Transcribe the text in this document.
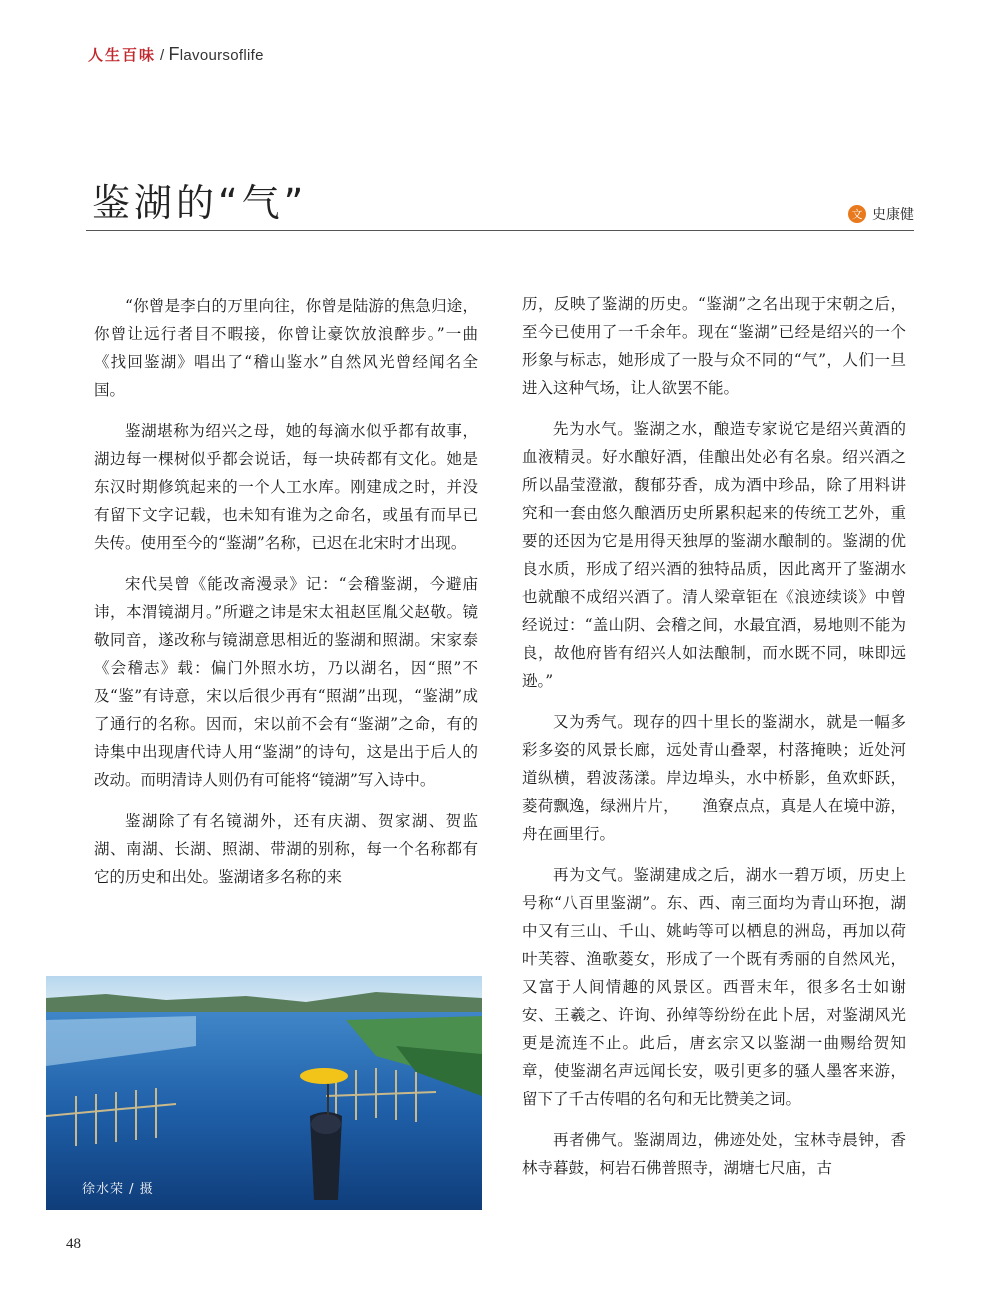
人生百味 / Flavoursoflife
鉴湖的“气”	文 史康健

“你曾是李白的万里向往，你曾是陆游的焦急归途，你曾让远行者目不暇接，你曾让豪饮放浪醉步。”一曲《找回鉴湖》唱出了“稽山鉴水”自然风光曾经闻名全国。

鉴湖堪称为绍兴之母，她的每滴水似乎都有故事，湖边每一棵树似乎都会说话，每一块砖都有文化。她是东汉时期修筑起来的一个人工水库。刚建成之时，并没有留下文字记载，也未知有谁为之命名，或虽有而早已失传。使用至今的“鉴湖”名称，已迟在北宋时才出现。

宋代吴曾《能改斋漫录》记：“会稽鉴湖，今避庙讳，本渭镜湖月。”所避之讳是宋太祖赵匡胤父赵敬。镜敬同音，遂改称与镜湖意思相近的鉴湖和照湖。宋家泰《会稽志》载：偏门外照水坊，乃以湖名，因“照”不及“鉴”有诗意，宋以后很少再有“照湖”出现，“鉴湖”成了通行的名称。因而，宋以前不会有“鉴湖”之命，有的诗集中出现唐代诗人用“鉴湖”的诗句，这是出于后人的改动。而明清诗人则仍有可能将“镜湖”写入诗中。

鉴湖除了有名镜湖外，还有庆湖、贺家湖、贺监湖、南湖、长湖、照湖、带湖的别称，每一个名称都有它的历史和出处。鉴湖诸多名称的来

历，反映了鉴湖的历史。“鉴湖”之名出现于宋朝之后，至今已使用了一千余年。现在“鉴湖”已经是绍兴的一个形象与标志，她形成了一股与众不同的“气”，人们一旦进入这种气场，让人欲罢不能。

先为水气。鉴湖之水，酿造专家说它是绍兴黄酒的血液精灵。好水酿好酒，佳酿出处必有名泉。绍兴酒之所以晶莹澄澈，馥郁芬香，成为酒中珍品，除了用料讲究和一套由悠久酿酒历史所累积起来的传统工艺外，重要的还因为它是用得天独厚的鉴湖水酿制的。鉴湖的优良水质，形成了绍兴酒的独特品质，因此离开了鉴湖水也就酿不成绍兴酒了。清人梁章钜在《浪迹续谈》中曾经说过：“盖山阴、会稽之间，水最宜酒，易地则不能为良，故他府皆有绍兴人如法酿制，而水既不同，味即远逊。”

又为秀气。现存的四十里长的鉴湖水，就是一幅多彩多姿的风景长廊，远处青山叠翠，村落掩映；近处河道纵横，碧波荡漾。岸边埠头，水中桥影，鱼欢虾跃，菱荷飘逸，绿洲片片，　　渔寮点点，真是人在境中游，舟在画里行。

再为文气。鉴湖建成之后，湖水一碧万顷，历史上号称“八百里鉴湖”。东、西、南三面均为青山环抱，湖中又有三山、千山、姚屿等可以栖息的洲岛，再加以荷叶芙蓉、渔歌菱女，形成了一个既有秀丽的自然风光，又富于人间情趣的风景区。西晋末年，很多名士如谢安、王羲之、许询、孙绰等纷纷在此卜居，对鉴湖风光更是流连不止。此后，唐玄宗又以鉴湖一曲赐给贺知章，使鉴湖名声远闻长安，吸引更多的骚人墨客来游，留下了千古传唱的名句和无比赞美之词。

再者佛气。鉴湖周边，佛迹处处，宝林寺晨钟，香林寺暮鼓，柯岩石佛普照寺，湖塘七尺庙，古

徐水荣 / 摄
48
